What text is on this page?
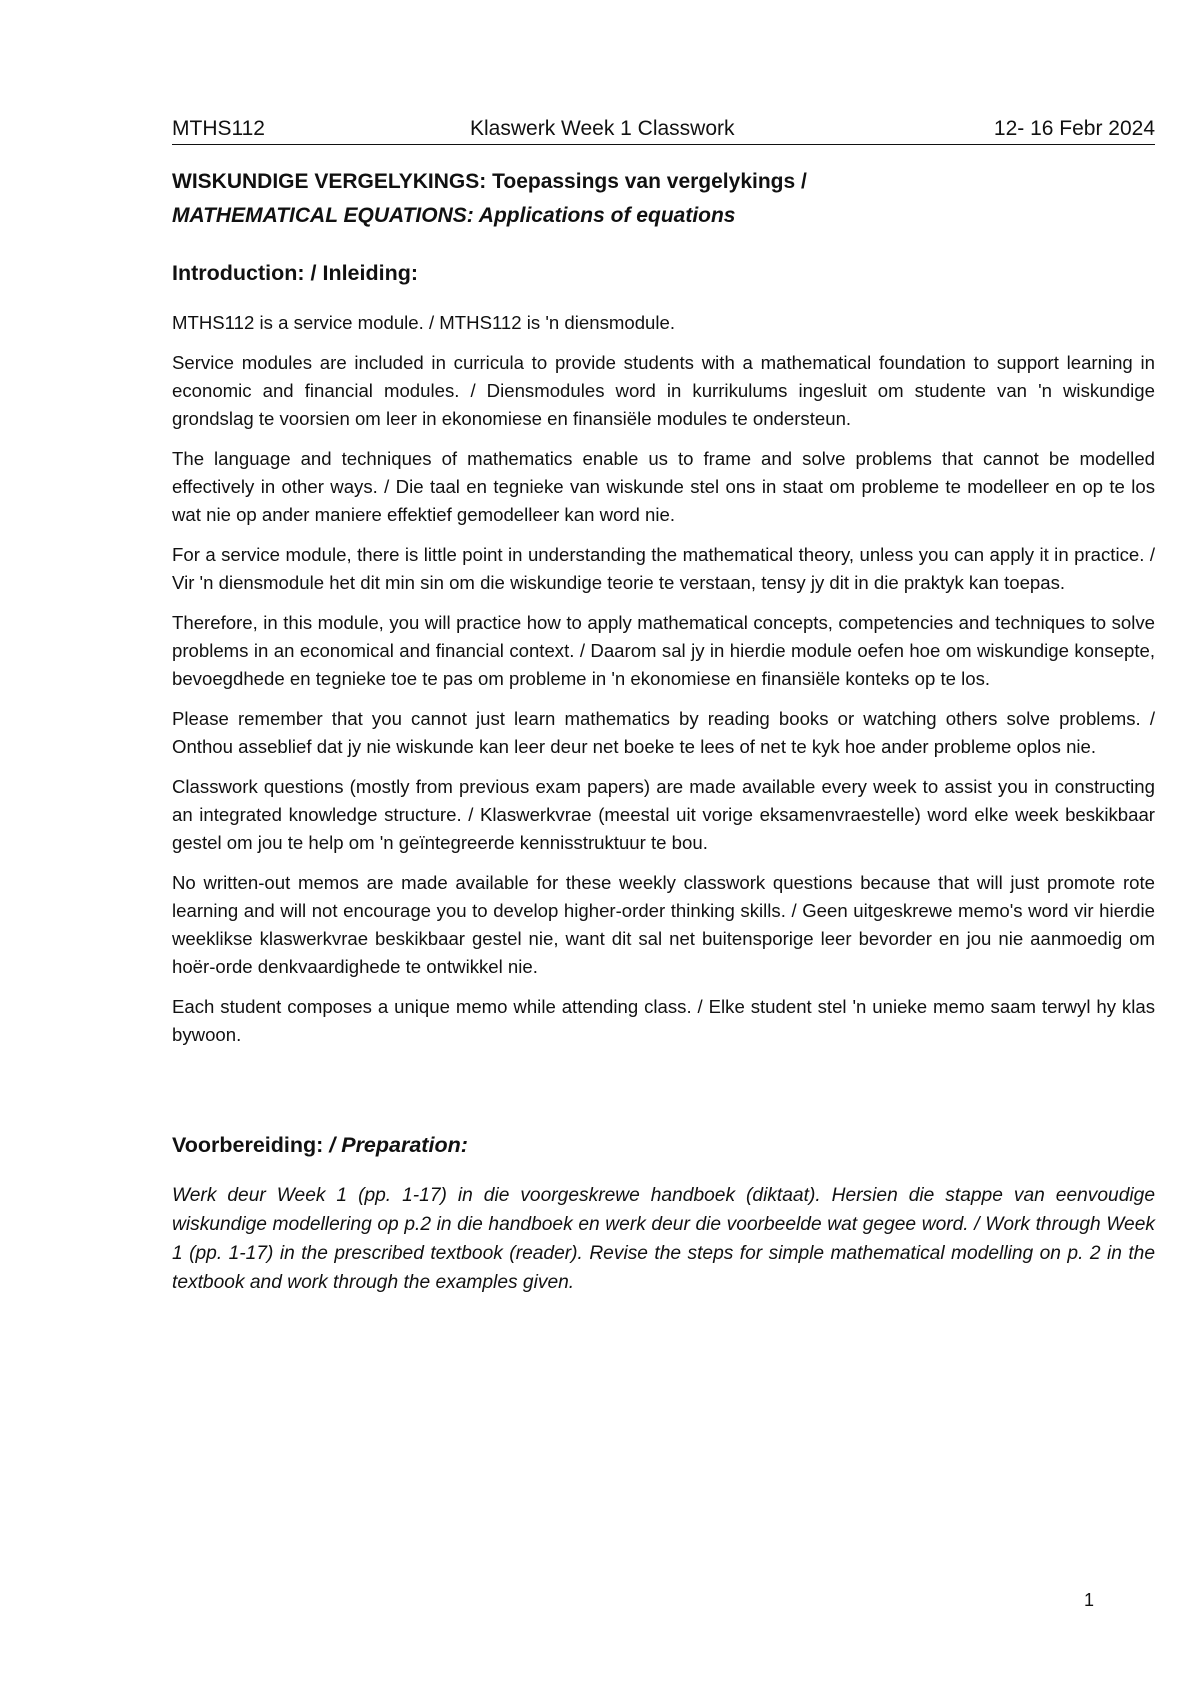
MTHS112	Klaswerk Week 1 Classwork	12- 16 Febr 2024
WISKUNDIGE VERGELYKINGS: Toepassings van vergelykings /
MATHEMATICAL EQUATIONS: Applications of equations
Introduction: / Inleiding:

MTHS112 is a service module. / MTHS112 is 'n diensmodule.

Service modules are included in curricula to provide students with a mathematical foundation to support learning in economic and financial modules. / Diensmodules word in kurrikulums ingesluit om studente van 'n wiskundige grondslag te voorsien om leer in ekonomiese en finansiële modules te ondersteun.

The language and techniques of mathematics enable us to frame and solve problems that cannot be modelled effectively in other ways. / Die taal en tegnieke van wiskunde stel ons in staat om probleme te modelleer en op te los wat nie op ander maniere effektief gemodelleer kan word nie.

For a service module, there is little point in understanding the mathematical theory, unless you can apply it in practice. / Vir 'n diensmodule het dit min sin om die wiskundige teorie te verstaan, tensy jy dit in die praktyk kan toepas.

Therefore, in this module, you will practice how to apply mathematical concepts, competencies and techniques to solve problems in an economical and financial context. / Daarom sal jy in hierdie module oefen hoe om wiskundige konsepte, bevoegdhede en tegnieke toe te pas om probleme in 'n ekonomiese en finansiële konteks op te los.

Please remember that you cannot just learn mathematics by reading books or watching others solve problems. / Onthou asseblief dat jy nie wiskunde kan leer deur net boeke te lees of net te kyk hoe ander probleme oplos nie.

Classwork questions (mostly from previous exam papers) are made available every week to assist you in constructing an integrated knowledge structure. / Klaswerkvrae (meestal uit vorige eksamenvraestelle) word elke week beskikbaar gestel om jou te help om 'n geïntegreerde kennisstruktuur te bou.

No written-out memos are made available for these weekly classwork questions because that will just promote rote learning and will not encourage you to develop higher-order thinking skills. / Geen uitgeskrewe memo's word vir hierdie weeklikse klaswerkvrae beskikbaar gestel nie, want dit sal net buitensporige leer bevorder en jou nie aanmoedig om hoër-orde denkvaardighede te ontwikkel nie.

Each student composes a unique memo while attending class. / Elke student stel 'n unieke memo saam terwyl hy klas bywoon.

Voorbereiding: / Preparation:

Werk deur Week 1 (pp. 1-17) in die voorgeskrewe handboek (diktaat). Hersien die stappe van eenvoudige wiskundige modellering op p.2 in die handboek en werk deur die voorbeelde wat gegee word. / Work through Week 1 (pp. 1-17) in the prescribed textbook (reader). Revise the steps for simple mathematical modelling on p. 2 in the textbook and work through the examples given.

1
